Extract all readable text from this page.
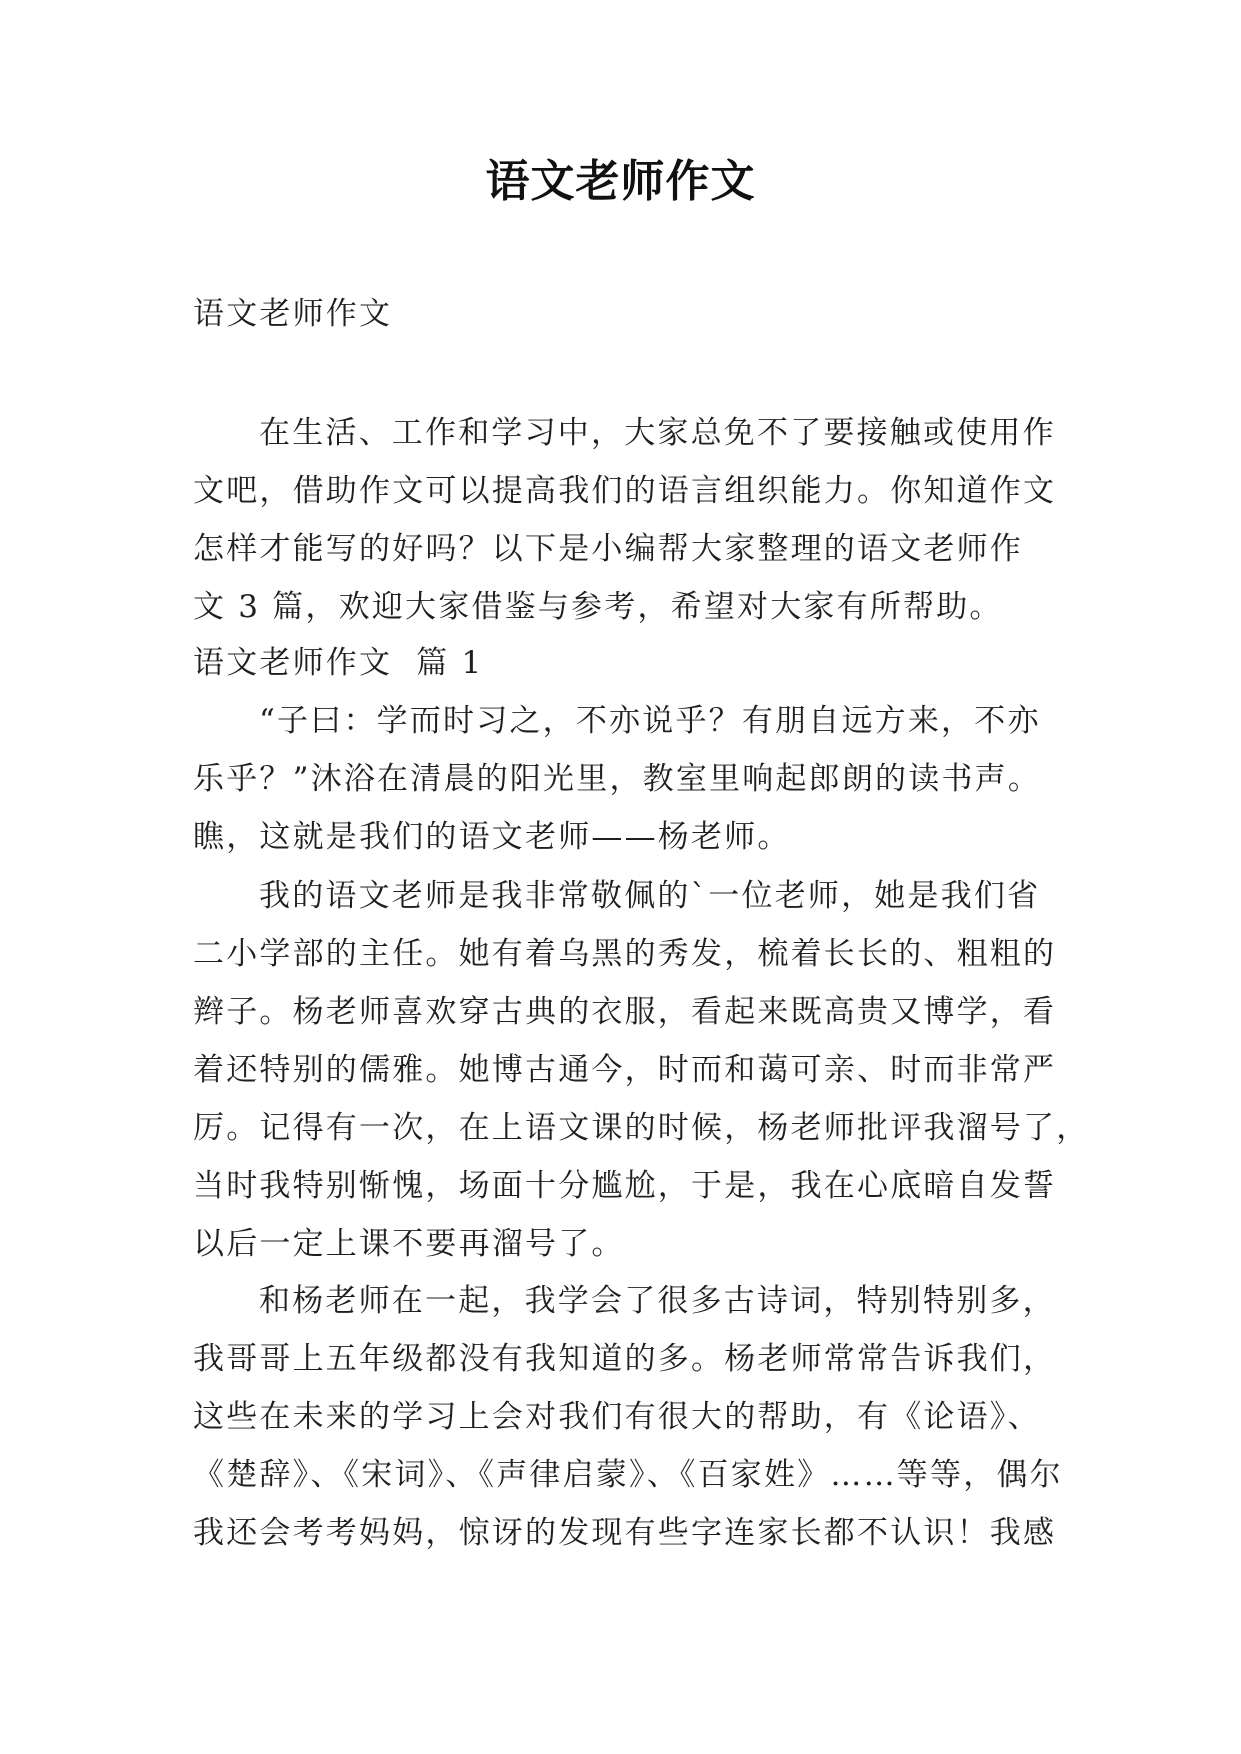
语文老师作文
语文老师作文
在生活、工作和学习中，大家总免不了要接触或使用作
文吧，借助作文可以提高我们的语言组织能力。你知道作文
怎样才能写的好吗？以下是小编帮大家整理的语文老师作
文 3 篇，欢迎大家借鉴与参考，希望对大家有所帮助。
语文老师作文  篇 1
“子曰：学而时习之，不亦说乎？有朋自远方来，不亦
乐乎？”沐浴在清晨的阳光里，教室里响起郎朗的读书声。
瞧，这就是我们的语文老师——杨老师。
我的语文老师是我非常敬佩的`一位老师，她是我们省
二小学部的主任。她有着乌黑的秀发，梳着长长的、粗粗的
辫子。杨老师喜欢穿古典的衣服，看起来既高贵又博学，看
着还特别的儒雅。她博古通今，时而和蔼可亲、时而非常严
厉。记得有一次，在上语文课的时候，杨老师批评我溜号了，
当时我特别惭愧，场面十分尴尬，于是，我在心底暗自发誓
以后一定上课不要再溜号了。
和杨老师在一起，我学会了很多古诗词，特别特别多，
我哥哥上五年级都没有我知道的多。杨老师常常告诉我们，
这些在未来的学习上会对我们有很大的帮助，有《论语》、
《楚辞》、《宋词》、《声律启蒙》、《百家姓》……等等，偶尔
我还会考考妈妈，惊讶的发现有些字连家长都不认识！我感
